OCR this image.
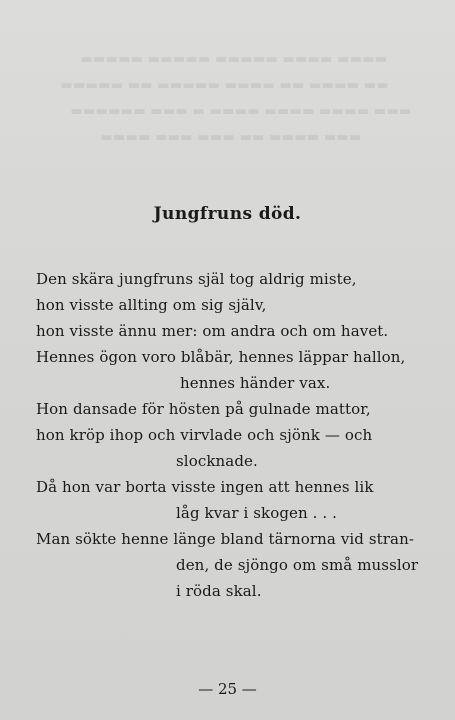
▬▬▬▬ ▬▬▬▬ ▬▬▬▬▬ ▬▬▬▬▬ ▬▬▬▬▬
▬▬ ▬▬▬▬ ▬▬ ▬▬▬▬ ▬▬▬▬▬ ▬▬ ▬▬▬▬▬
▬▬▬ ▬▬▬▬ ▬▬▬▬ ▬▬▬▬ ▬ ▬▬▬ ▬▬▬▬▬▬
▬▬▬ ▬▬▬▬ ▬▬ ▬▬▬ ▬▬▬ ▬▬▬▬
Jungfruns död.

Den skära jungfruns själ tog aldrig miste,

hon visste allting om sig själv,

hon visste ännu mer: om andra och om havet.

Hennes ögon voro blåbär, hennes läppar hallon,

hennes händer vax.

Hon dansade för hösten på gulnade mattor,

hon kröp ihop och virvlade och sjönk — och

slocknade.

Då hon var borta visste ingen att hennes lik

låg kvar i skogen . . .

Man sökte henne länge bland tärnorna vid stran-

den, de sjöngo om små musslor

i röda skal.

— 25 —
